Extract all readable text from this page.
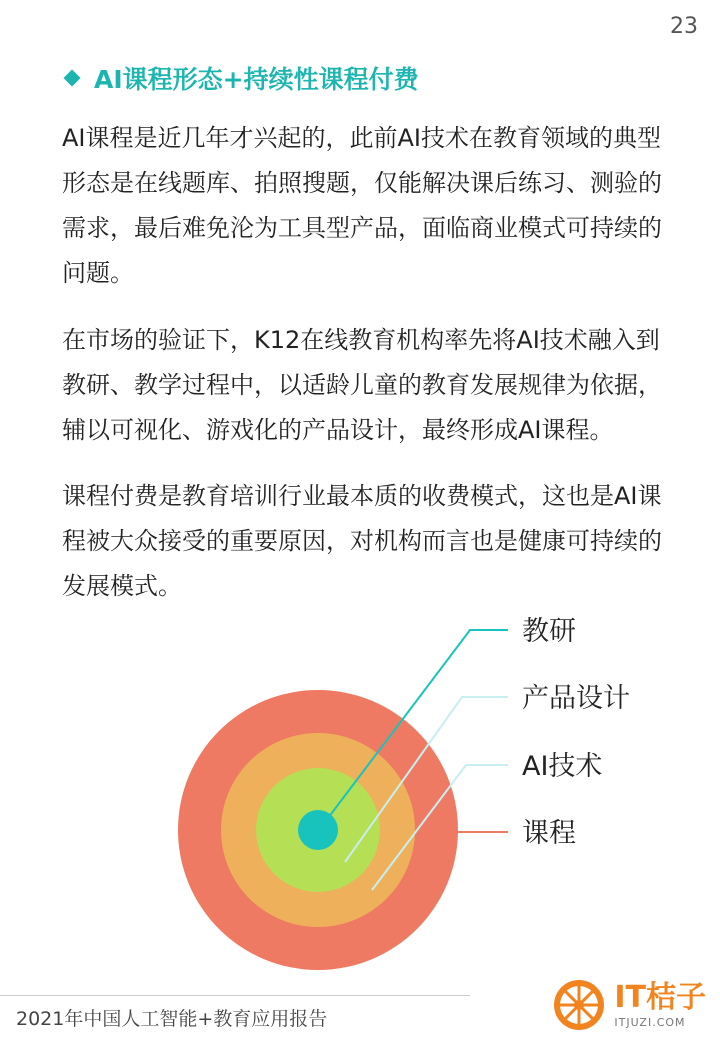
23
AI课程形态+持续性课程付费
AI课程是近几年才兴起的，此前AI技术在教育领域的典型形态是在线题库、拍照搜题，仅能解决课后练习、测验的需求，最后难免沦为工具型产品，面临商业模式可持续的问题。
在市场的验证下，K12在线教育机构率先将AI技术融入到教研、教学过程中，以适龄儿童的教育发展规律为依据，辅以可视化、游戏化的产品设计，最终形成AI课程。
课程付费是教育培训行业最本质的收费模式，这也是AI课程被大众接受的重要原因，对机构而言也是健康可持续的发展模式。
教研
产品设计
AI技术
课程
2021年中国人工智能+教育应用报告
IT桔子
ITJUZI.COM
